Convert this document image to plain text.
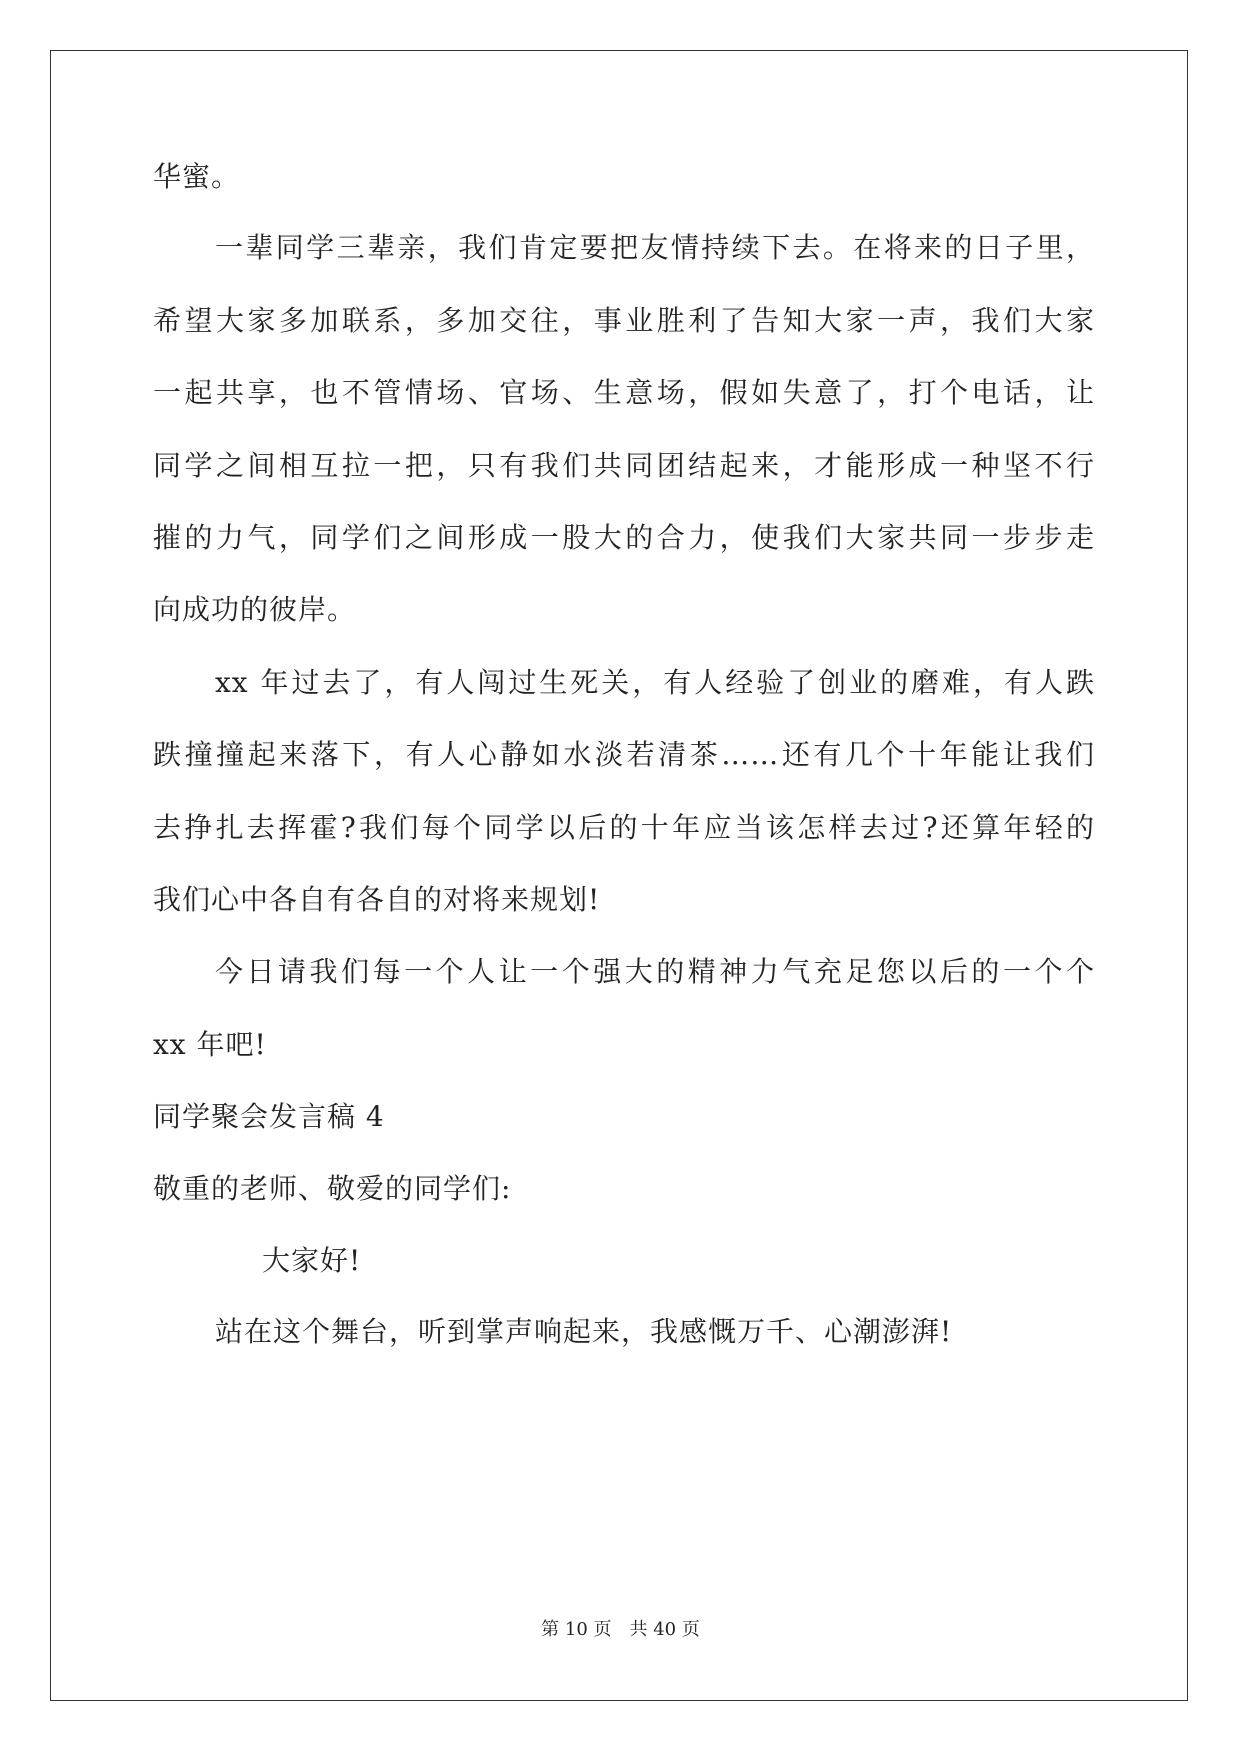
华蜜。
一辈同学三辈亲，我们肯定要把友情持续下去。在将来的日子里，
希望大家多加联系，多加交往，事业胜利了告知大家一声，我们大家
一起共享，也不管情场、官场、生意场，假如失意了，打个电话，让
同学之间相互拉一把，只有我们共同团结起来，才能形成一种坚不行
摧的力气，同学们之间形成一股大的合力，使我们大家共同一步步走
向成功的彼岸。
xx 年过去了，有人闯过生死关，有人经验了创业的磨难，有人跌
跌撞撞起来落下，有人心静如水淡若清茶……还有几个十年能让我们
去挣扎去挥霍?我们每个同学以后的十年应当该怎样去过?还算年轻的
我们心中各自有各自的对将来规划!
今日请我们每一个人让一个强大的精神力气充足您以后的一个个
xx 年吧!
同学聚会发言稿 4
敬重的老师、敬爱的同学们:
大家好!
站在这个舞台，听到掌声响起来，我感慨万千、心潮澎湃!
第 10 页 共 40 页
